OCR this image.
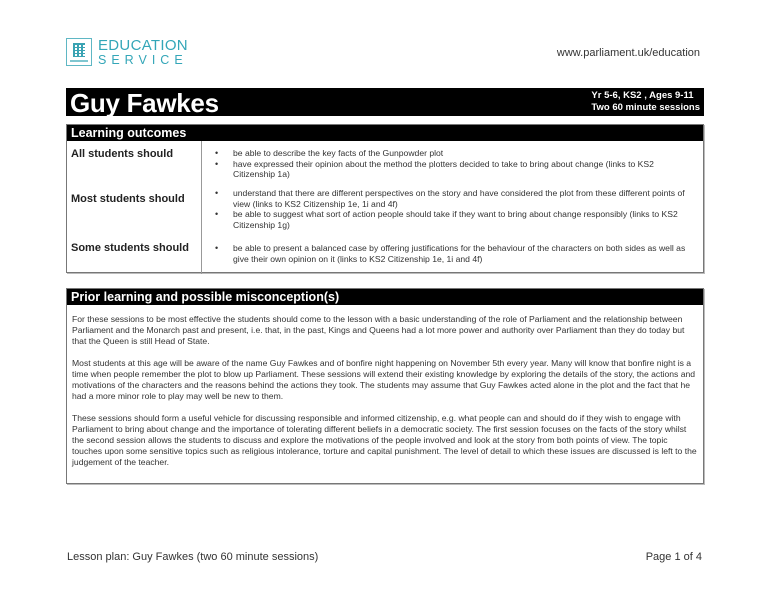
EDUCATION
SERVICE	www.parliament.uk/education
Guy Fawkes	Yr 5-6, KS2 , Ages 9-11
Two 60 minute sessions
Learning outcomes
All students should	• be able to describe the key facts of the Gunpowder plot
• have expressed their opinion about the method the plotters decided to take to bring about change (links to KS2 Citizenship 1a)
Most students should	• understand that there are different perspectives on the story and have considered the plot from these different points of view (links to KS2 Citizenship 1e, 1i and 4f)
• be able to suggest what sort of action people should take if they want to bring about change responsibly (links to KS2 Citizenship 1g)
Some students should	• be able to present a balanced case by offering justifications for the behaviour of the characters on both sides as well as give their own opinion on it (links to KS2 Citizenship 1e, 1i and 4f)
Prior learning and possible misconception(s)

For these sessions to be most effective the students should come to the lesson with a basic understanding of the role of Parliament and the relationship between Parliament and the Monarch past and present, i.e. that, in the past, Kings and Queens had a lot more power and authority over Parliament than they do today but that the Queen is still Head of State.

Most students at this age will be aware of the name Guy Fawkes and of bonfire night happening on November 5th every year. Many will know that bonfire night is a time when people remember the plot to blow up Parliament. These sessions will extend their existing knowledge by exploring the details of the story, the actions and motivations of the characters and the reasons behind the actions they took. The students may assume that Guy Fawkes acted alone in the plot and the fact that he had a more minor role to play may well be new to them.

These sessions should form a useful vehicle for discussing responsible and informed citizenship, e.g. what people can and should do if they wish to engage with Parliament to bring about change and the importance of tolerating different beliefs in a democratic society. The first session focuses on the facts of the story whilst the second session allows the students to discuss and explore the motivations of the people involved and look at the story from both points of view. The topic touches upon some sensitive topics such as religious intolerance, torture and capital punishment. The level of detail to which these issues are discussed is left to the judgement of the teacher.

Lesson plan: Guy Fawkes (two 60 minute sessions)	Page 1 of 4
